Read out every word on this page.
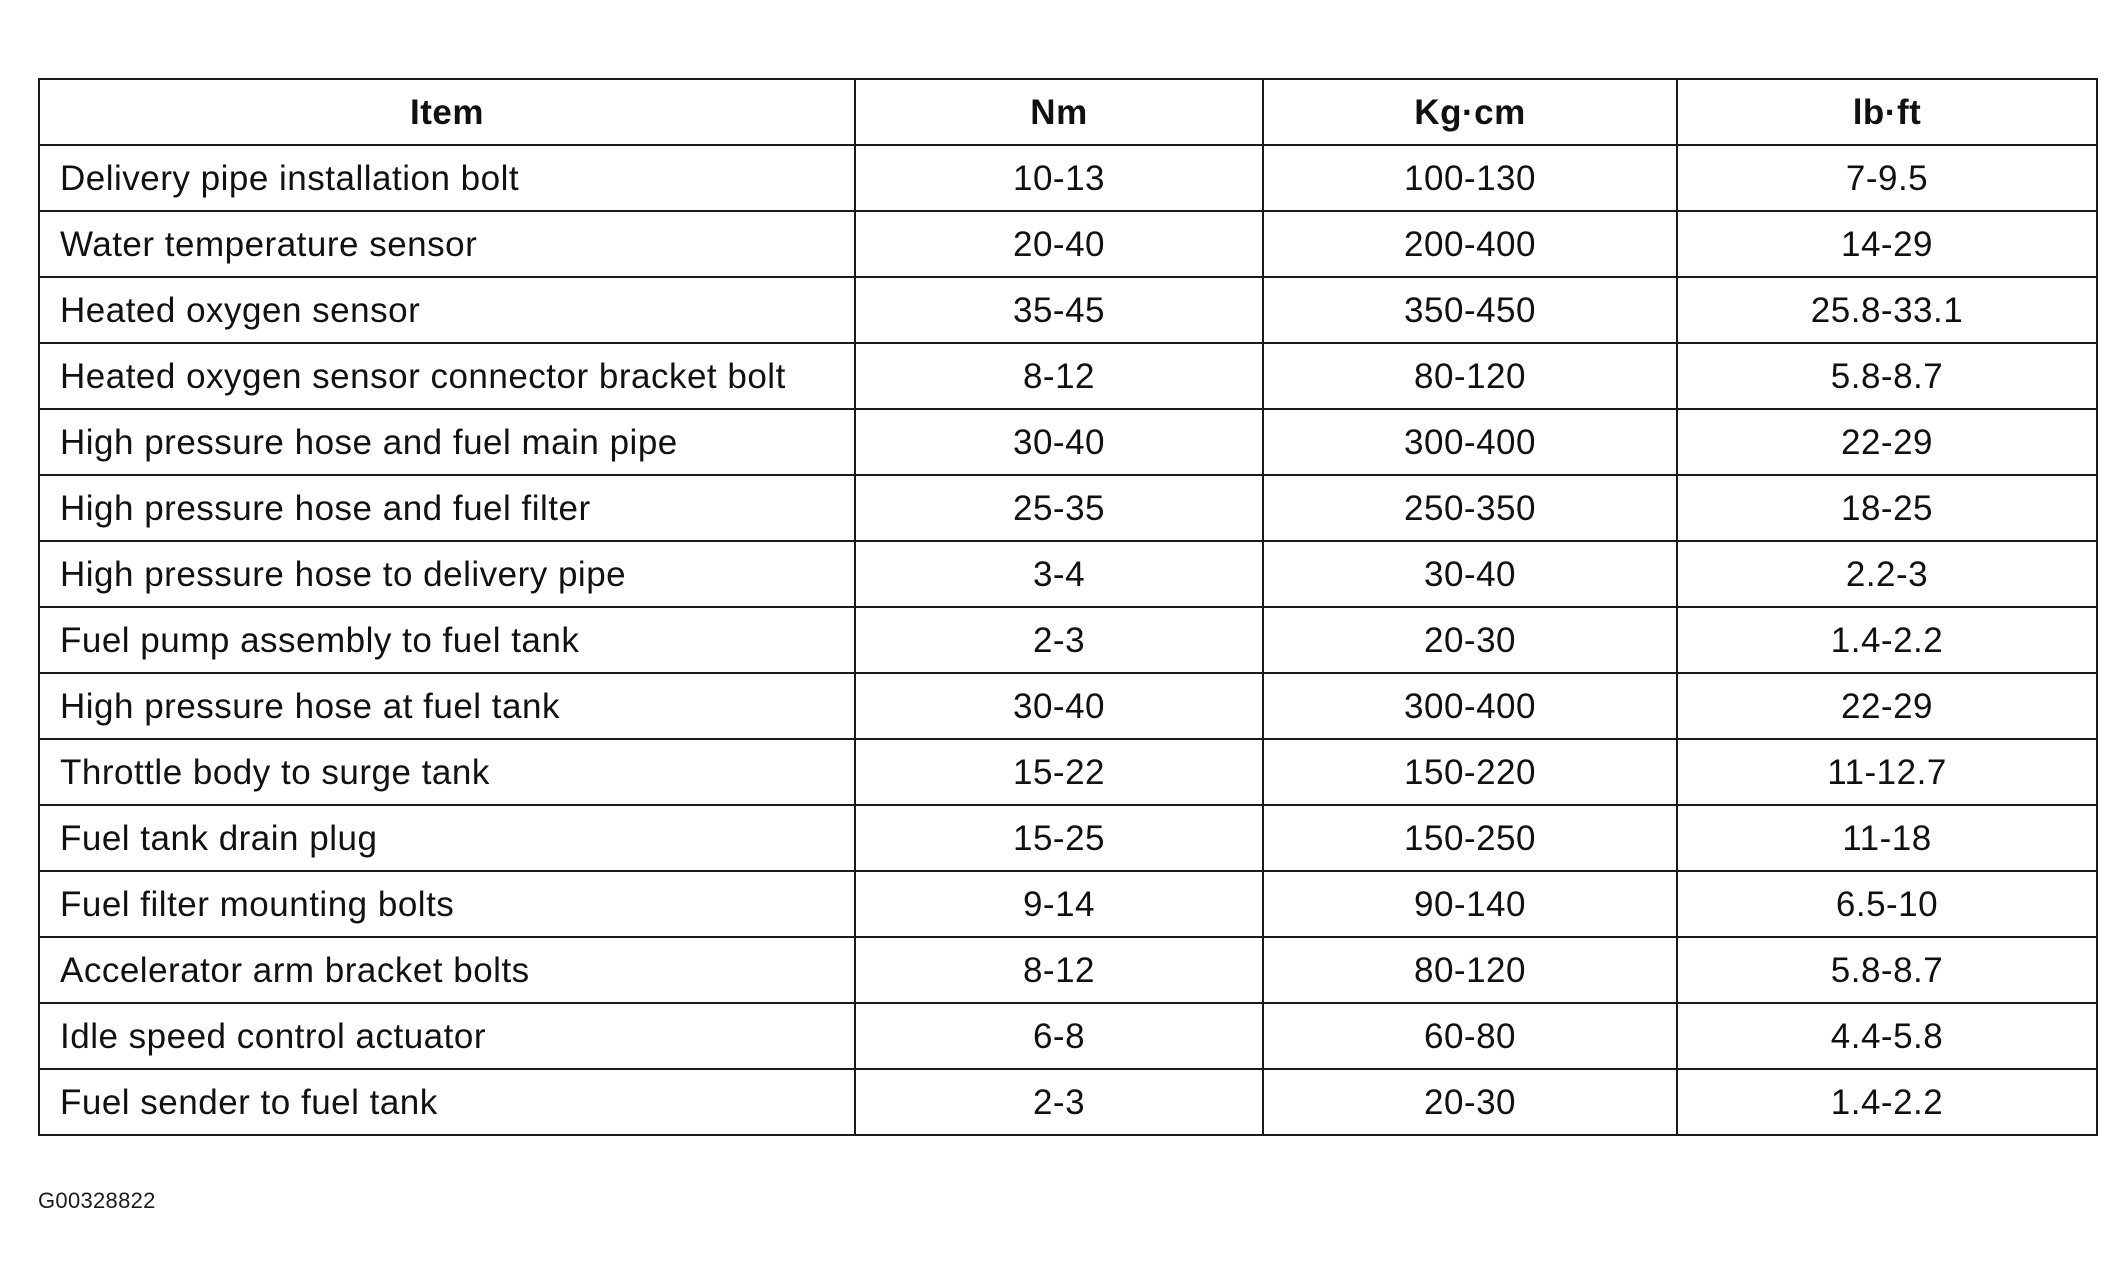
Item	Nm	Kg·cm	lb·ft
Delivery pipe installation bolt	10-13	100-130	7-9.5
Water temperature sensor	20-40	200-400	14-29
Heated oxygen sensor	35-45	350-450	25.8-33.1
Heated oxygen sensor connector bracket bolt	8-12	80-120	5.8-8.7
High pressure hose and fuel main pipe	30-40	300-400	22-29
High pressure hose and fuel filter	25-35	250-350	18-25
High pressure hose to delivery pipe	3-4	30-40	2.2-3
Fuel pump assembly to fuel tank	2-3	20-30	1.4-2.2
High pressure hose at fuel tank	30-40	300-400	22-29
Throttle body to surge tank	15-22	150-220	11-12.7
Fuel tank drain plug	15-25	150-250	11-18
Fuel filter mounting bolts	9-14	90-140	6.5-10
Accelerator arm bracket bolts	8-12	80-120	5.8-8.7
Idle speed control actuator	6-8	60-80	4.4-5.8
Fuel sender to fuel tank	2-3	20-30	1.4-2.2
G00328822
